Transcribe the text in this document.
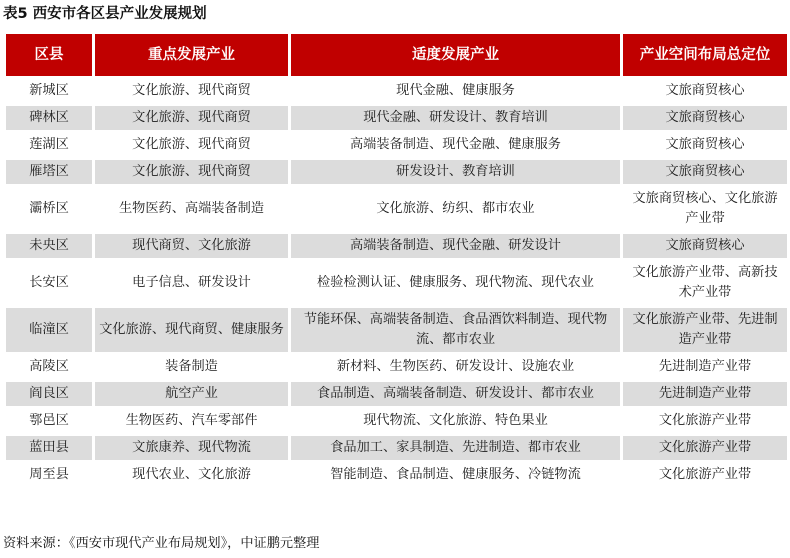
表5 西安市各区县产业发展规划
区县	重点发展产业	适度发展产业	产业空间布局总定位
新城区	文化旅游、现代商贸	现代金融、健康服务	文旅商贸核心
碑林区	文化旅游、现代商贸	现代金融、研发设计、教育培训	文旅商贸核心
莲湖区	文化旅游、现代商贸	高端装备制造、现代金融、健康服务	文旅商贸核心
雁塔区	文化旅游、现代商贸	研发设计、教育培训	文旅商贸核心
灞桥区	生物医药、高端装备制造	文化旅游、纺织、都市农业	文旅商贸核心、文化旅游产业带
未央区	现代商贸、文化旅游	高端装备制造、现代金融、研发设计	文旅商贸核心
长安区	电子信息、研发设计	检验检测认证、健康服务、现代物流、现代农业	文化旅游产业带、高新技术产业带
临潼区	文化旅游、现代商贸、健康服务	节能环保、高端装备制造、食品酒饮料制造、现代物流、都市农业	文化旅游产业带、先进制造产业带
高陵区	装备制造	新材料、生物医药、研发设计、设施农业	先进制造产业带
阎良区	航空产业	食品制造、高端装备制造、研发设计、都市农业	先进制造产业带
鄠邑区	生物医药、汽车零部件	现代物流、文化旅游、特色果业	文化旅游产业带
蓝田县	文旅康养、现代物流	食品加工、家具制造、先进制造、都市农业	文化旅游产业带
周至县	现代农业、文化旅游	智能制造、食品制造、健康服务、冷链物流	文化旅游产业带
资料来源：《西安市现代产业布局规划》，中证鹏元整理
